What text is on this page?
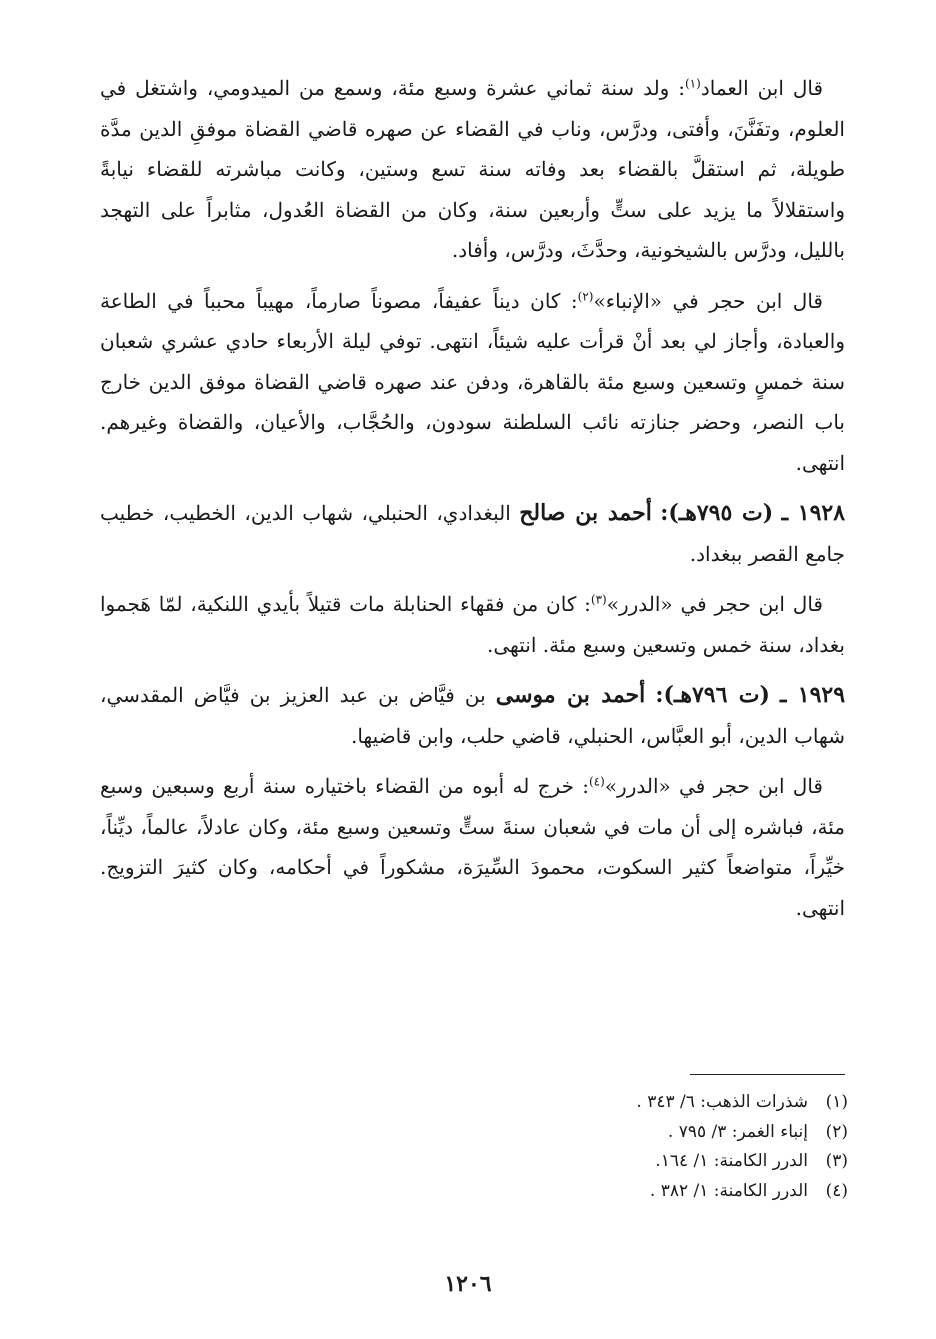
قال ابن العماد$^{(١)}$: ولد سنة ثماني عشرة وسبع مئة، وسمع من الميدومي، واشتغل في العلوم، وتفَنَّنَ، وأفتى، ودرَّس، وناب في القضاء عن صهره قاضي القضاة موفقِ الدين مدَّة طويلة، ثم استقلَّ بالقضاء بعد وفاته سنة تسع وستين، وكانت مباشرته للقضاء نيابةً واستقلالاً ما يزيد على ستٍّ وأربعين سنة، وكان من القضاة العُدول، مثابراً على التهجد بالليل، ودرَّس بالشيخونية، وحدَّثَ، ودرَّس، وأفاد.

قال ابن حجر في «الإنباء»$^{(٢)}$: كان ديناً عفيفاً، مصوناً صارماً، مهيباً محبباً في الطاعة والعبادة، وأجاز لي بعد أنْ قرأت عليه شيئاً، انتهى. توفي ليلة الأربعاء حادي عشري شعبان سنة خمسٍ وتسعين وسبع مئة بالقاهرة، ودفن عند صهره قاضي القضاة موفق الدين خارج باب النصر، وحضر جنازته نائب السلطنة سودون، والحُجَّاب، والأعيان، والقضاة وغيرهم. انتهى.

١٩٢٨ ـ (ت ٧٩٥هـ): أحمد بن صالح البغدادي، الحنبلي، شهاب الدين، الخطيب، خطيب جامع القصر ببغداد.

قال ابن حجر في «الدرر»$^{(٣)}$: كان من فقهاء الحنابلة مات قتيلاً بأيدي اللنكية، لمّا هَجموا بغداد، سنة خمس وتسعين وسبع مئة. انتهى.

١٩٢٩ ـ (ت ٧٩٦هـ): أحمد بن موسى بن فيَّاض بن عبد العزيز بن فيَّاض المقدسي، شهاب الدين، أبو العبَّاس، الحنبلي، قاضي حلب، وابن قاضيها.

قال ابن حجر في «الدرر»$^{(٤)}$: خرج له أبوه من القضاء باختياره سنة أربع وسبعين وسبع مئة، فباشره إلى أن مات في شعبان سنةَ ستٍّ وتسعين وسبع مئة، وكان عادلاً، عالماً، ديِّناً، خيِّراً، متواضعاً كثير السكوت، محمودَ السِّيرَة، مشكوراً في أحكامه، وكان كثيرَ التزويج. انتهى.

(١)شذرات الذهب: ٦/ ٣٤٣ .

(٢)إنباء الغمر: ٣/ ٧٩٥ .

(٣)الدرر الكامنة: ١/ ١٦٤.

(٤)الدرر الكامنة: ١/ ٣٨٢ .

١٢٠٦
